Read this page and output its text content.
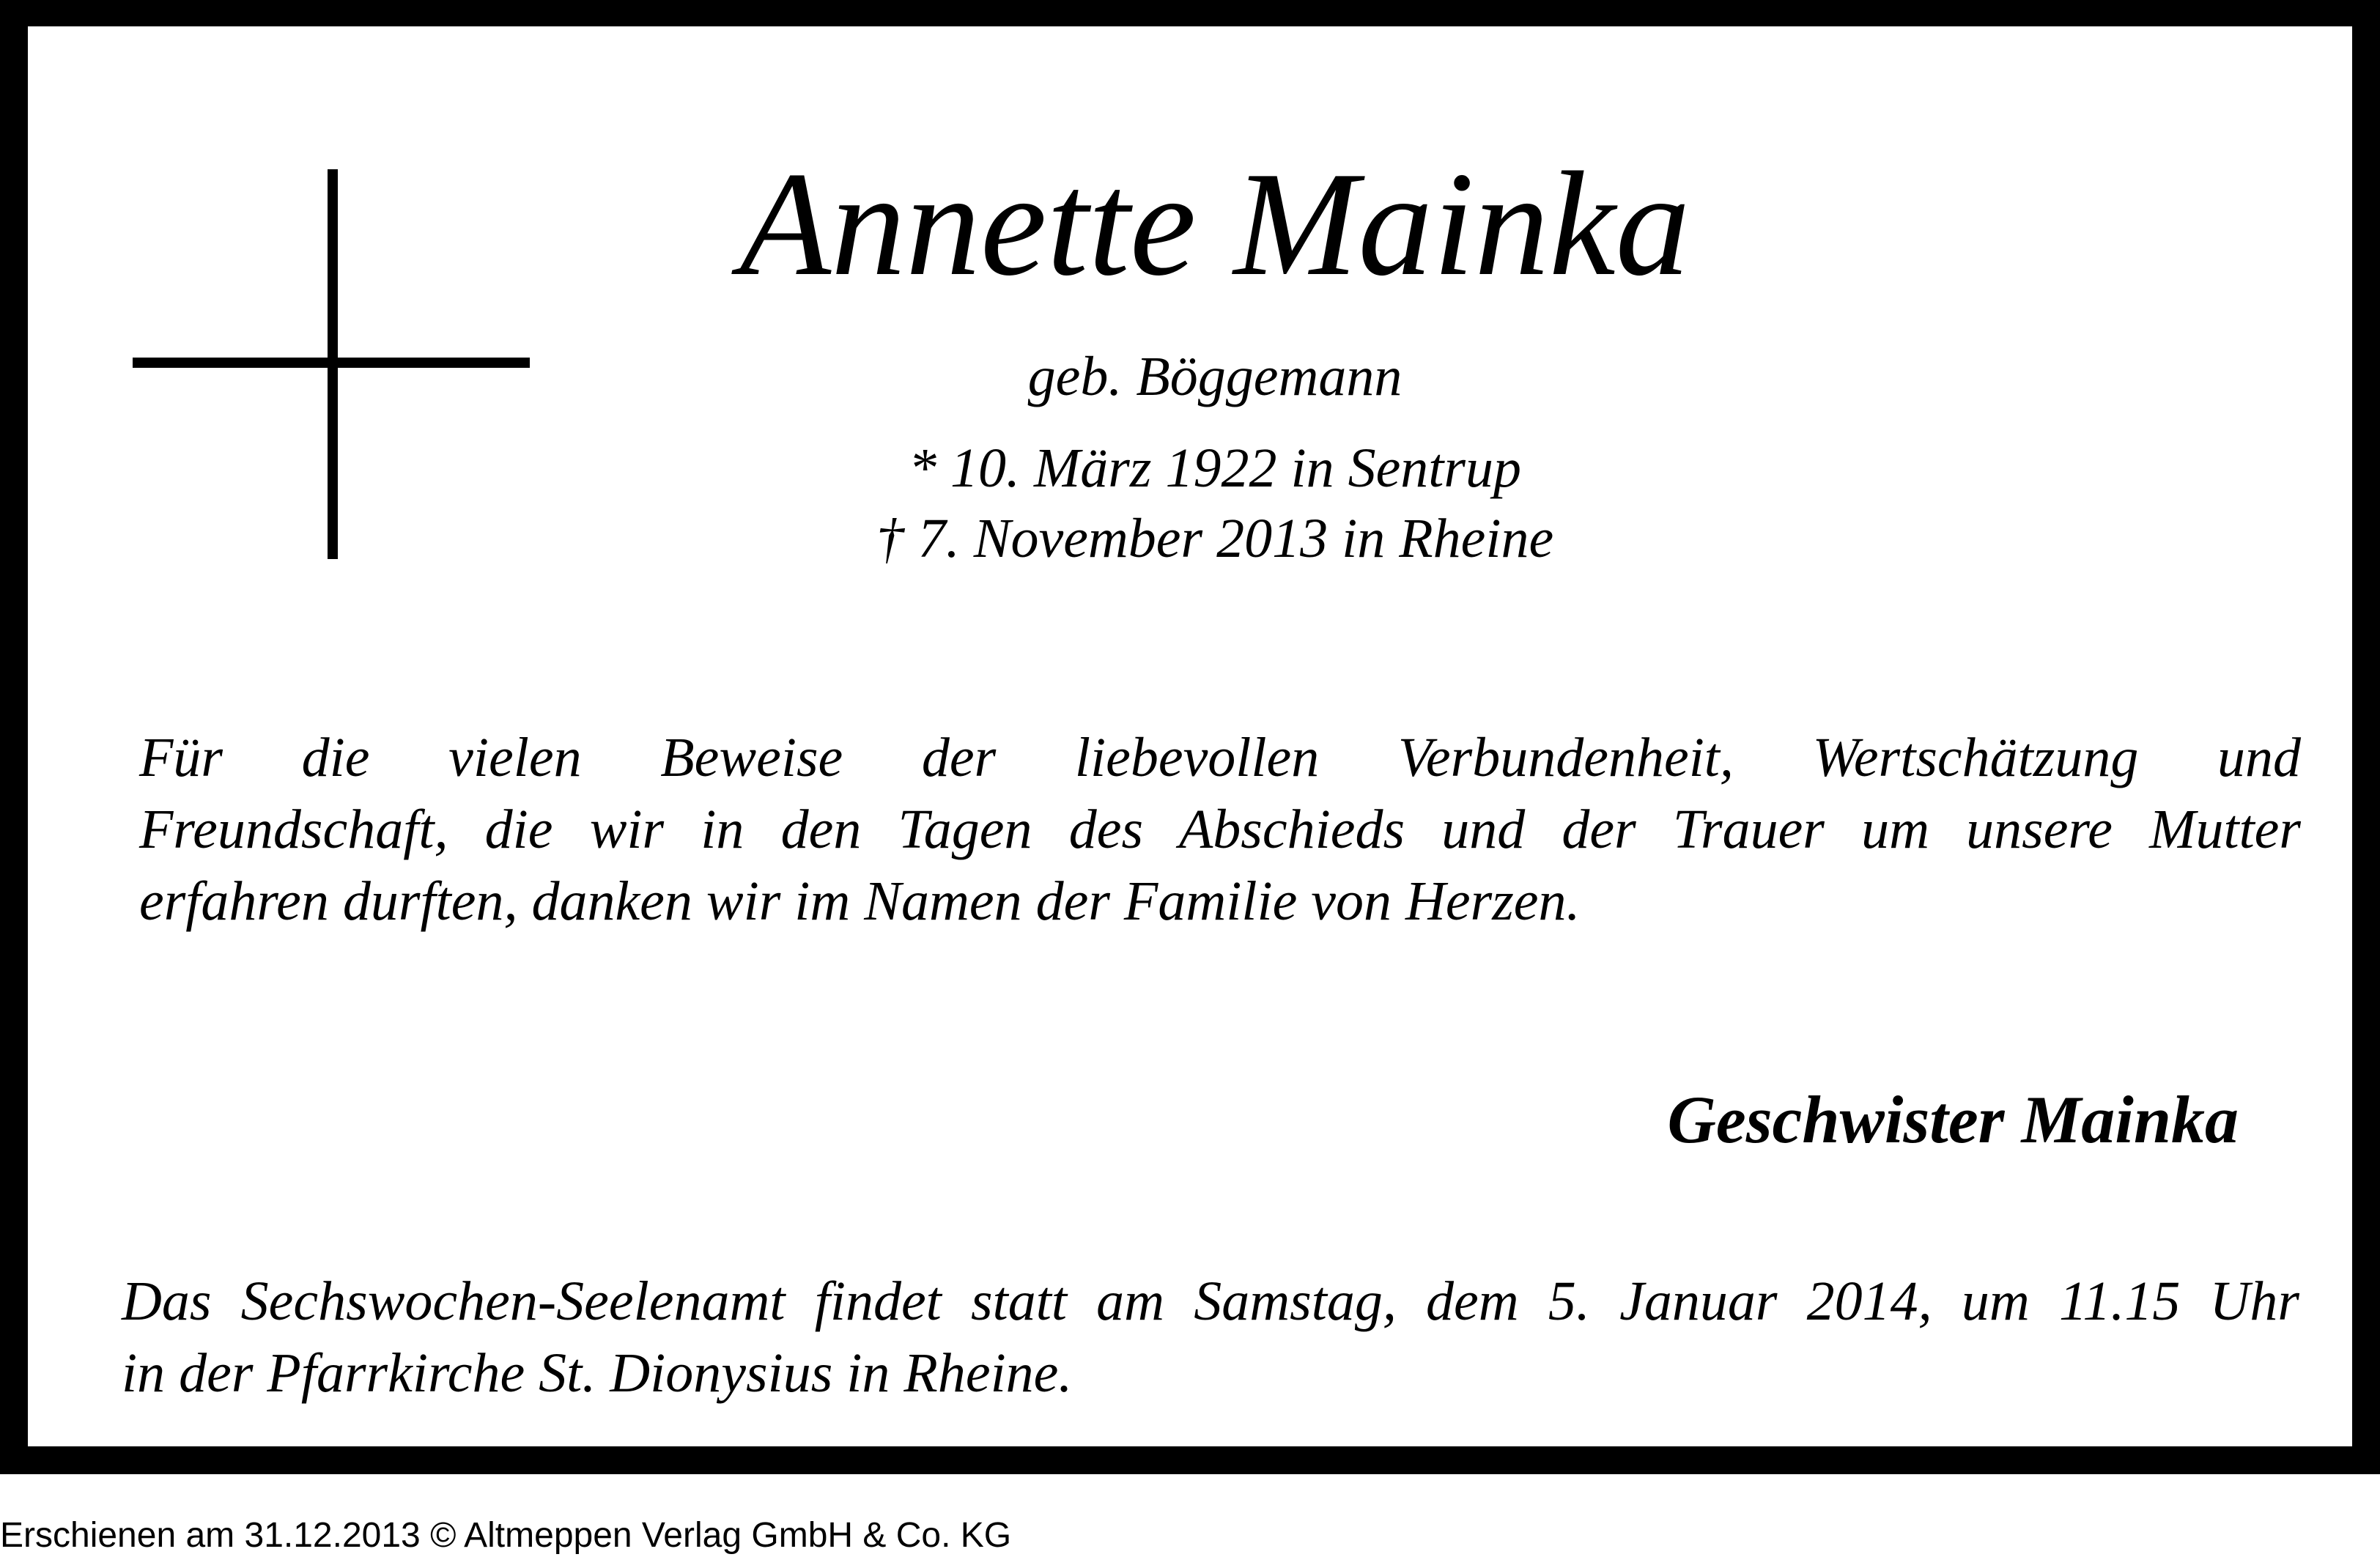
Annette Mainka
geb. Böggemann
* 10. März 1922 in Sentrup
† 7. November 2013 in Rheine
Für die vielen Beweise der liebevollen Verbundenheit, Wertschätzung und
Freundschaft, die wir in den Tagen des Abschieds und der Trauer um unsere Mutter
erfahren durften, danken wir im Namen der Familie von Herzen.
Geschwister Mainka
Das Sechswochen-Seelenamt findet statt am Samstag, dem 5. Januar 2014, um 11.15 Uhr
in der Pfarrkirche St. Dionysius in Rheine.
Erschienen am 31.12.2013 © Altmeppen Verlag GmbH & Co. KG
